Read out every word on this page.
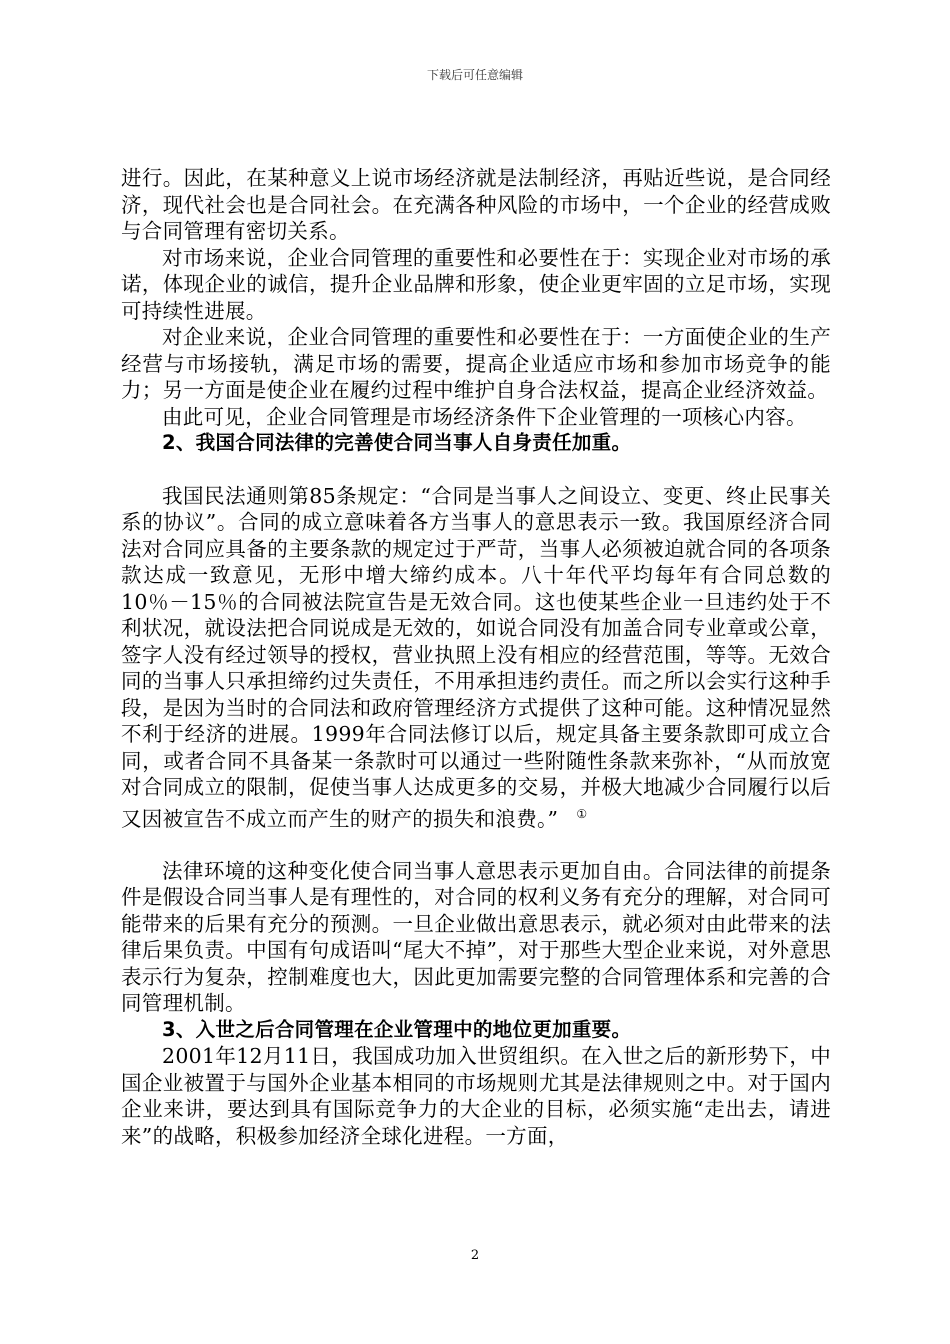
下载后可任意编辑

进行。因此，在某种意义上说市场经济就是法制经济，再贴近些说，是合同经济，现代社会也是合同社会。在充满各种风险的市场中，一个企业的经营成败与合同管理有密切关系。

对市场来说，企业合同管理的重要性和必要性在于：实现企业对市场的承诺，体现企业的诚信，提升企业品牌和形象，使企业更牢固的立足市场，实现可持续性进展。

对企业来说，企业合同管理的重要性和必要性在于：一方面使企业的生产经营与市场接轨，满足市场的需要，提高企业适应市场和参加市场竞争的能力；另一方面是使企业在履约过程中维护自身合法权益，提高企业经济效益。

由此可见，企业合同管理是市场经济条件下企业管理的一项核心内容。

2、我国合同法律的完善使合同当事人自身责任加重。

我国民法通则第85条规定：“合同是当事人之间设立、变更、终止民事关系的协议”。合同的成立意味着各方当事人的意思表示一致。我国原经济合同法对合同应具备的主要条款的规定过于严苛，当事人必须被迫就合同的各项条款达成一致意见，无形中增大缔约成本。八十年代平均每年有合同总数的10％－15％的合同被法院宣告是无效合同。这也使某些企业一旦违约处于不利状况，就设法把合同说成是无效的，如说合同没有加盖合同专业章或公章，签字人没有经过领导的授权，营业执照上没有相应的经营范围，等等。无效合同的当事人只承担缔约过失责任，不用承担违约责任。而之所以会实行这种手段，是因为当时的合同法和政府管理经济方式提供了这种可能。这种情况显然不利于经济的进展。1999年合同法修订以后，规定具备主要条款即可成立合同，或者合同不具备某一条款时可以通过一些附随性条款来弥补，“从而放宽对合同成立的限制，促使当事人达成更多的交易，并极大地减少合同履行以后又因被宣告不成立而产生的财产的损失和浪费。” ①

法律环境的这种变化使合同当事人意思表示更加自由。合同法律的前提条件是假设合同当事人是有理性的，对合同的权利义务有充分的理解，对合同可能带来的后果有充分的预测。一旦企业做出意思表示，就必须对由此带来的法律后果负责。中国有句成语叫“尾大不掉”，对于那些大型企业来说，对外意思表示行为复杂，控制难度也大，因此更加需要完整的合同管理体系和完善的合同管理机制。

3、入世之后合同管理在企业管理中的地位更加重要。

2001年12月11日，我国成功加入世贸组织。在入世之后的新形势下，中国企业被置于与国外企业基本相同的市场规则尤其是法律规则之中。对于国内企业来讲，要达到具有国际竞争力的大企业的目标，必须实施“走出去，请进来”的战略，积极参加经济全球化进程。一方面，

2
